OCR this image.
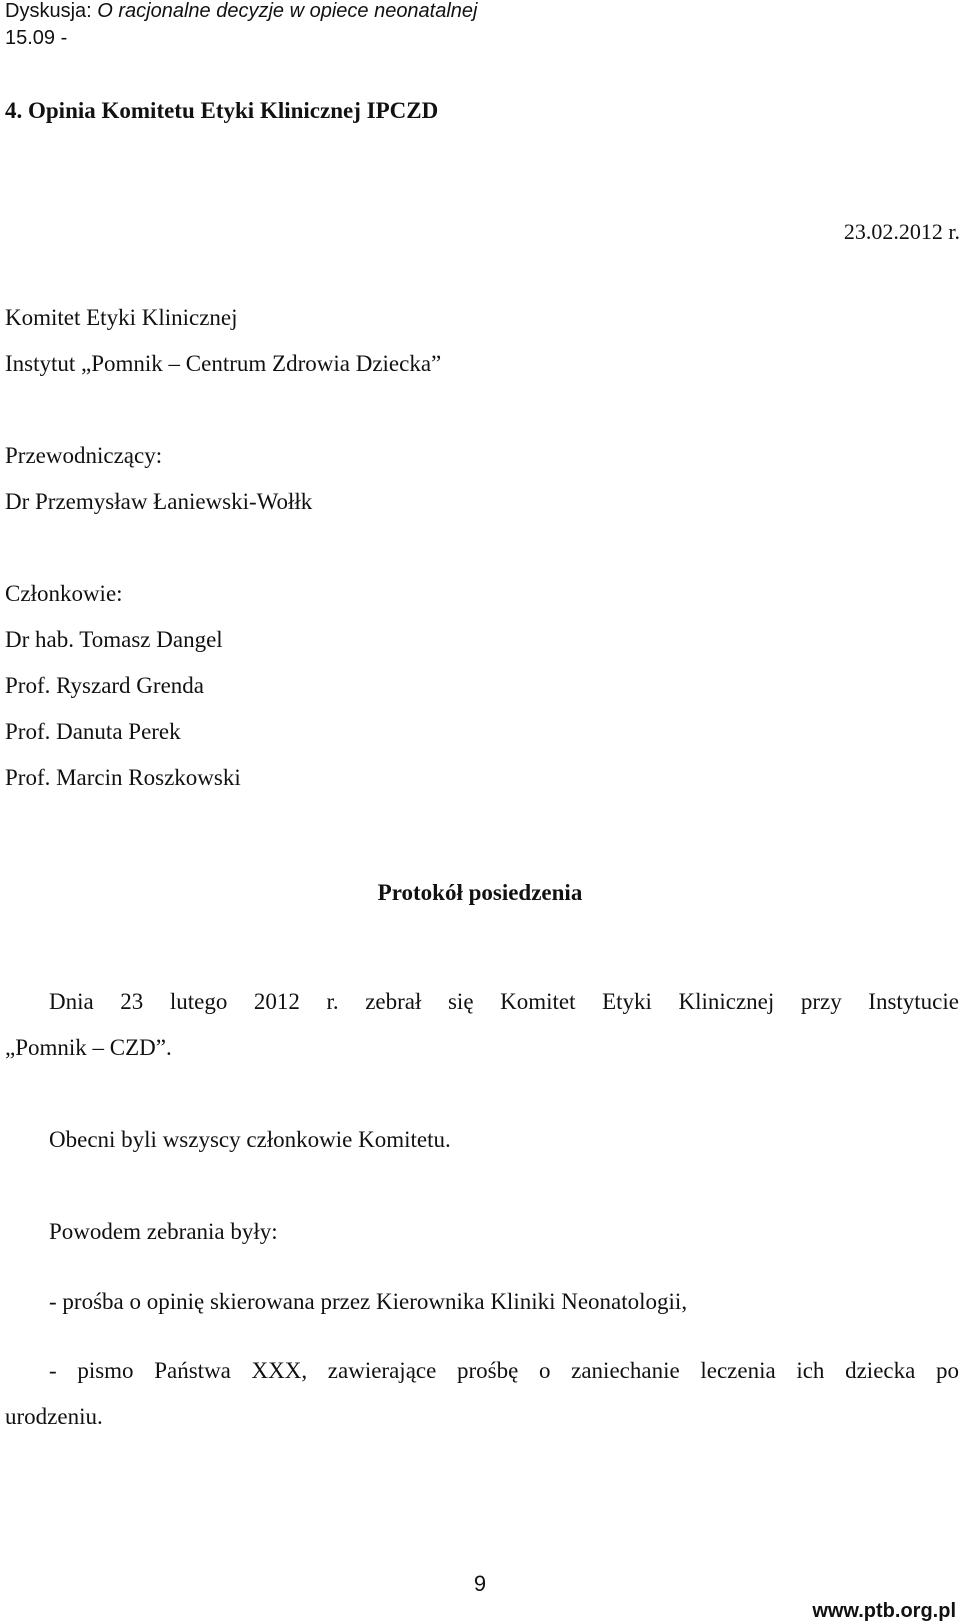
Dyskusja: O racjonalne decyzje w opiece neonatalnej
15.09 -
4. Opinia Komitetu Etyki Klinicznej IPCZD
23.02.2012 r.
Komitet Etyki Klinicznej
Instytut „Pomnik – Centrum Zdrowia Dziecka”
Przewodniczący:
Dr Przemysław Łaniewski-Wołłk
Członkowie:
Dr hab. Tomasz Dangel
Prof. Ryszard Grenda
Prof. Danuta Perek
Prof. Marcin Roszkowski
Protokół posiedzenia
Dnia 23 lutego 2012 r. zebrał się Komitet Etyki Klinicznej przy Instytucie
„Pomnik – CZD”.
Obecni byli wszyscy członkowie Komitetu.
Powodem zebrania były:
- prośba o opinię skierowana przez Kierownika Kliniki Neonatologii,
- pismo Państwa XXX, zawierające prośbę o zaniechanie leczenia ich dziecka po
urodzeniu.
9
www.ptb.org.pl
